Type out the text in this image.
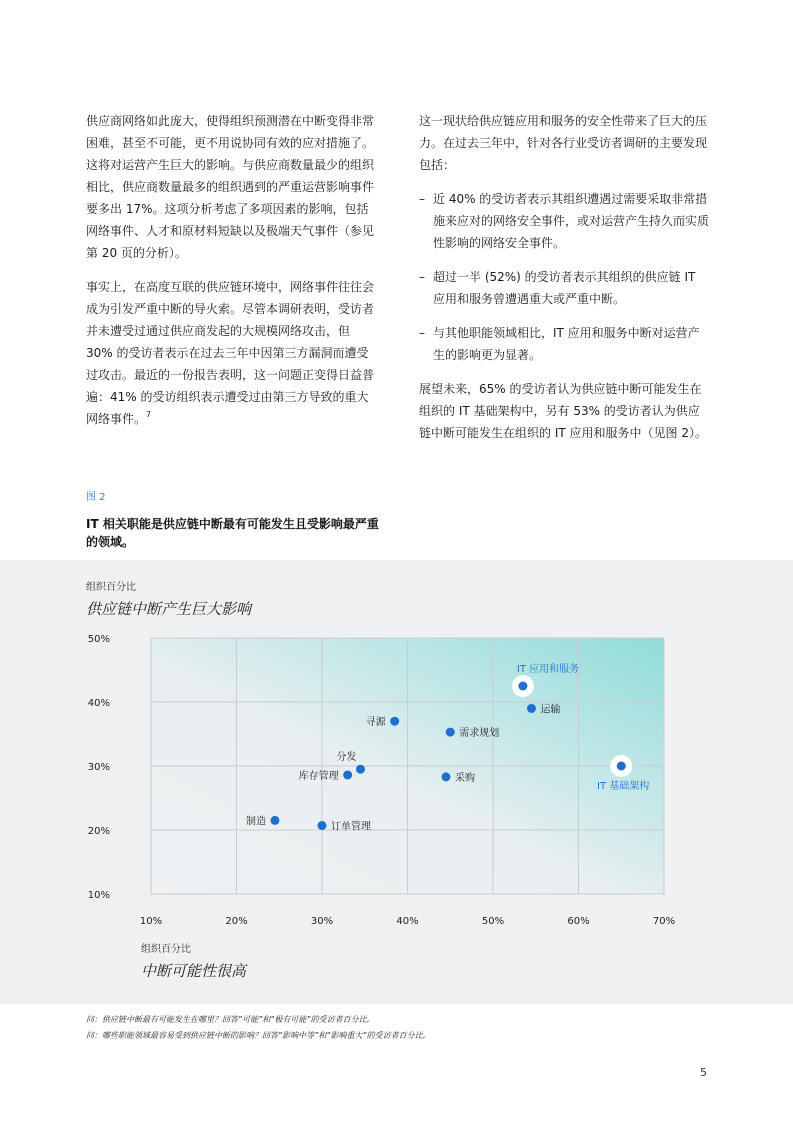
供应商网络如此庞大，使得组织预测潜在中断变得非常困难，甚至不可能，更不用说协同有效的应对措施了。这将对运营产生巨大的影响。与供应商数量最少的组织相比，供应商数量最多的组织遇到的严重运营影响事件要多出 17%。这项分析考虑了多项因素的影响，包括网络事件、人才和原材料短缺以及极端天气事件（参见第 20 页的分析）。

事实上，在高度互联的供应链环境中，网络事件往往会成为引发严重中断的导火索。尽管本调研表明，受访者并未遭受过通过供应商发起的大规模网络攻击，但 30% 的受访者表示在过去三年中因第三方漏洞而遭受过攻击。最近的一份报告表明，这一问题正变得日益普遍：41% 的受访组织表示遭受过由第三方导致的重大网络事件。$^7$

这一现状给供应链应用和服务的安全性带来了巨大的压力。在过去三年中，针对各行业受访者调研的主要发现包括：

– 近 40% 的受访者表示其组织遭遇过需要采取非常措施来应对的网络安全事件，或对运营产生持久而实质性影响的网络安全事件。
– 超过一半 (52%) 的受访者表示其组织的供应链 IT 应用和服务曾遭遇重大或严重中断。
– 与其他职能领域相比，IT 应用和服务中断对运营产生的影响更为显著。

展望未来，65% 的受访者认为供应链中断可能发生在组织的 IT 基础架构中，另有 53% 的受访者认为供应链中断可能发生在组织的 IT 应用和服务中（见图 2）。

图 2
IT 相关职能是供应链中断最有可能发生且受影响最严重的领域。
10%	20%	30%	40%	50%	60%	70%
10%
20%
30%
40%
50%
制造	订单管理
库存管理
分发
寻源
需求规划
采购
运输
IT 应用和服务
IT 基础架构
组织百分比
供应链中断产生巨大影响
组织百分比
中断可能性很高
问：供应链中断最有可能发生在哪里？回答“可能”和“极有可能”的受访者百分比。
问：哪些职能领域最容易受到供应链中断的影响？回答“影响中等”和“影响重大”的受访者百分比。
5
